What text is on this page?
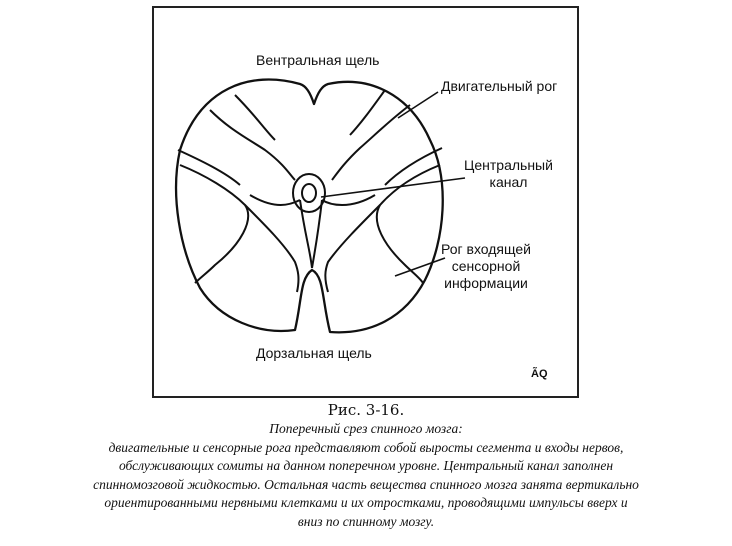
Вентральная щель
Двигательный рог
Центральный
канал
Рог входящей
сенсорной
информации
Дорзальная щель
ÃQ
Рис. 3-16.
Поперечный срез спинного мозга:
двигательные и сенсорные рога представляют собой выросты сегмента и входы нервов,
обслуживающих сомиты на данном поперечном уровне. Центральный канал заполнен
спинномозговой жидкостью. Остальная часть вещества спинного мозга занята вертикально
ориентированными нервными клетками и их отростками, проводящими импульсы вверх и
вниз по спинному мозгу.
